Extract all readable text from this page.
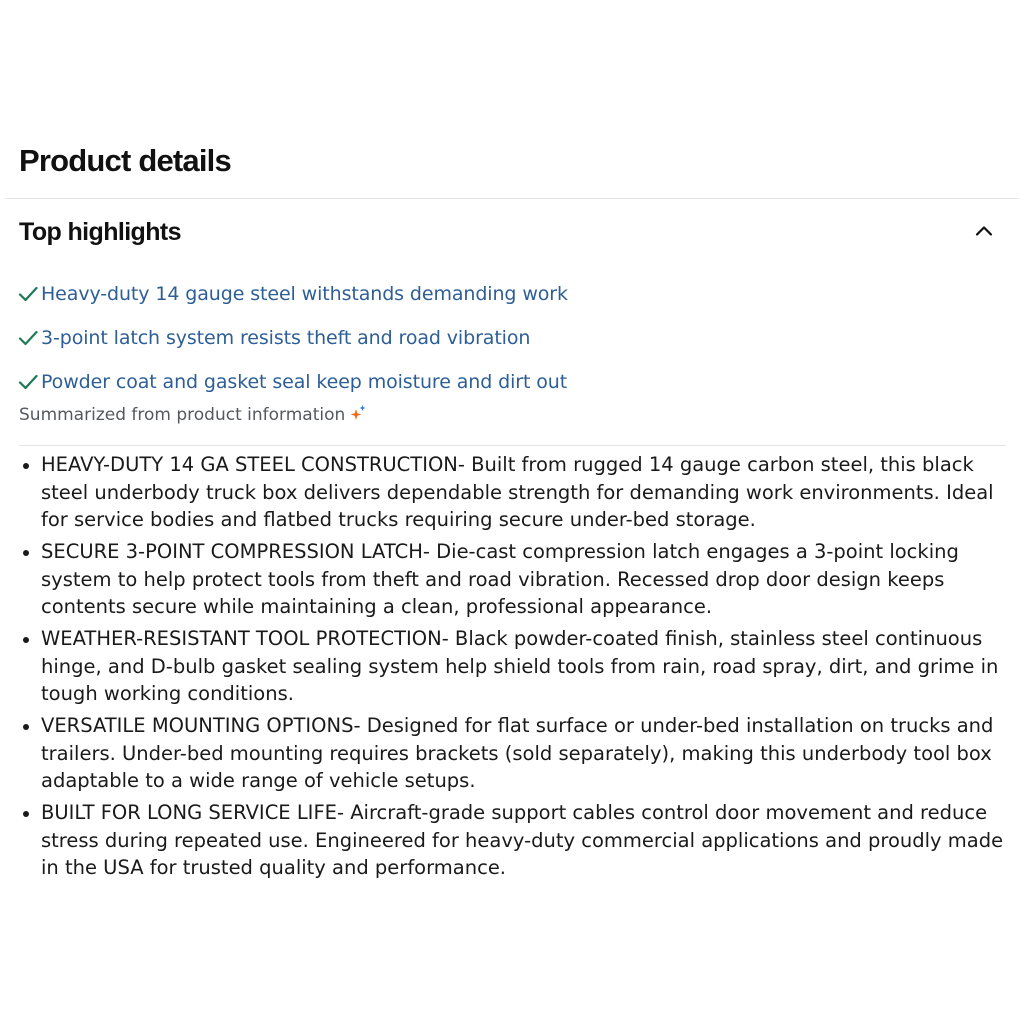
Product details
Top highlights
Heavy-duty 14 gauge steel withstands demanding work
3-point latch system resists theft and road vibration
Powder coat and gasket seal keep moisture and dirt out
Summarized from product information
HEAVY-DUTY 14 GA STEEL CONSTRUCTION- Built from rugged 14 gauge carbon steel, this black steel underbody truck box delivers dependable strength for demanding work environments. Ideal for service bodies and flatbed trucks requiring secure under-bed storage.
SECURE 3-POINT COMPRESSION LATCH- Die-cast compression latch engages a 3-point locking system to help protect tools from theft and road vibration. Recessed drop door design keeps contents secure while maintaining a clean, professional appearance.
WEATHER-RESISTANT TOOL PROTECTION- Black powder-coated finish, stainless steel continuous hinge, and D-bulb gasket sealing system help shield tools from rain, road spray, dirt, and grime in tough working conditions.
VERSATILE MOUNTING OPTIONS- Designed for flat surface or under-bed installation on trucks and trailers. Under-bed mounting requires brackets (sold separately), making this underbody tool box adaptable to a wide range of vehicle setups.
BUILT FOR LONG SERVICE LIFE- Aircraft-grade support cables control door movement and reduce stress during repeated use. Engineered for heavy-duty commercial applications and proudly made in the USA for trusted quality and performance.
